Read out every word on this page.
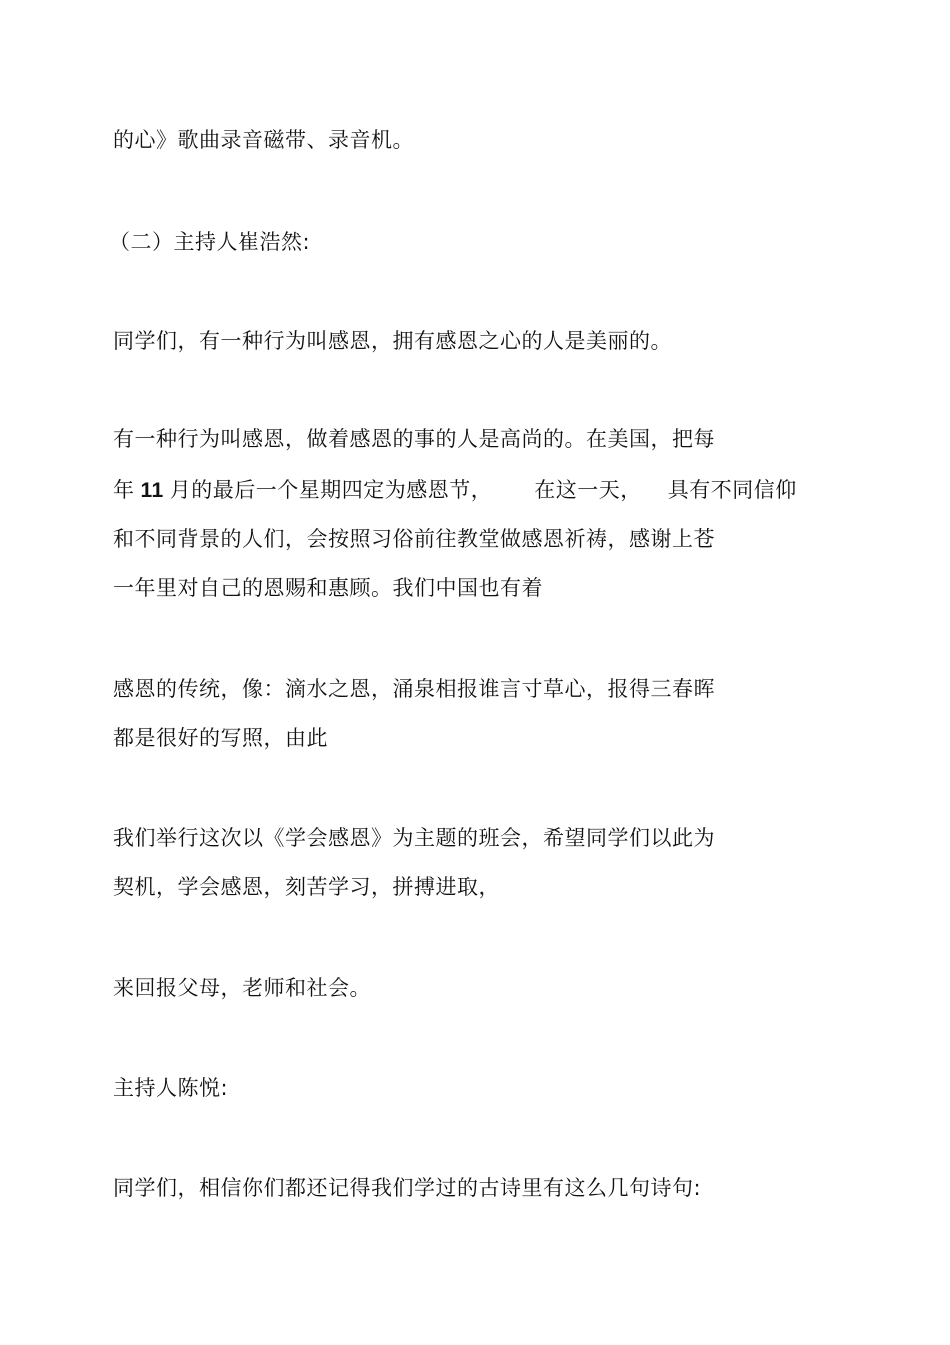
的心》歌曲录音磁带、录音机。
（二）主持人崔浩然:
同学们，有一种行为叫感恩，拥有感恩之心的人是美丽的。
有一种行为叫感恩，做着感恩的事的人是高尚的。在美国，把每
年 11 月的最后一个星期四定为感恩节， 在这一天， 具有不同信仰
和不同背景的人们，会按照习俗前往教堂做感恩祈祷，感谢上苍
一年里对自己的恩赐和惠顾。我们中国也有着
感恩的传统，像：滴水之恩，涌泉相报谁言寸草心，报得三春晖
都是很好的写照，由此
我们举行这次以《学会感恩》为主题的班会，希望同学们以此为
契机，学会感恩，刻苦学习，拼搏进取，
来回报父母，老师和社会。
主持人陈悦:
同学们，相信你们都还记得我们学过的古诗里有这么几句诗句:
